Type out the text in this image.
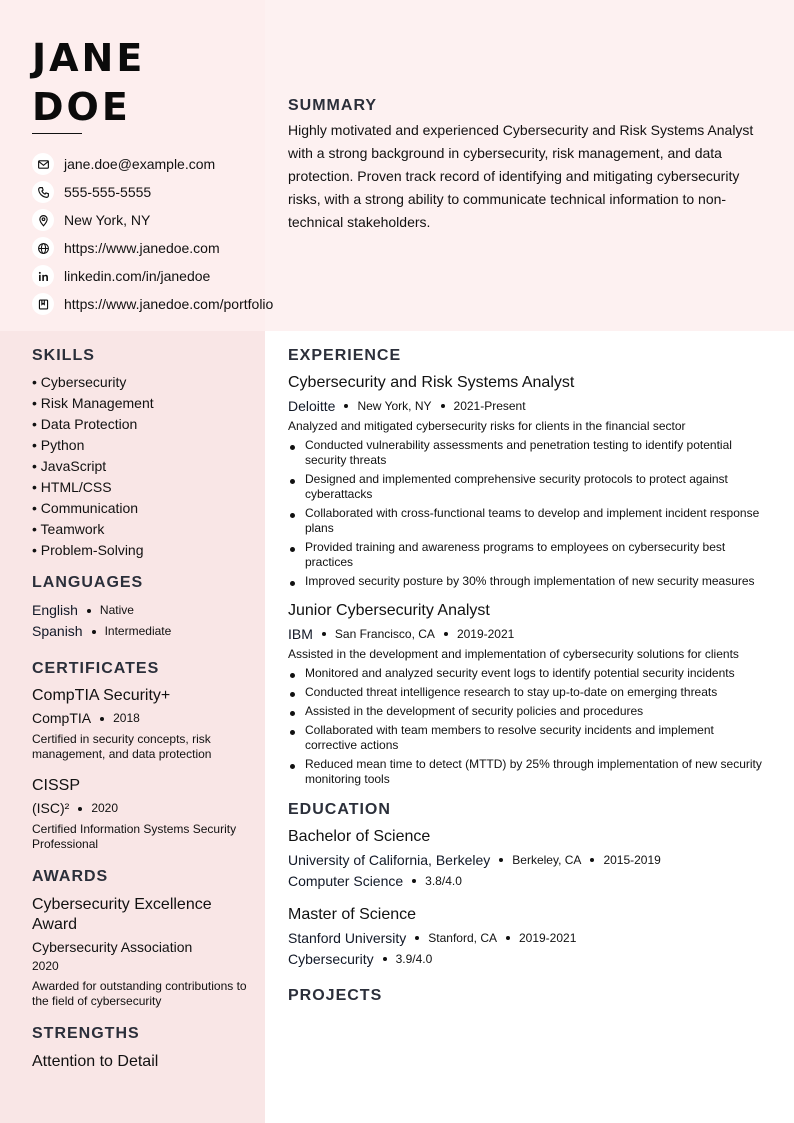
JANE
DOE
jane.doe@example.com
555-555-5555
New York, NY
https://www.janedoe.com
linkedin.com/in/janedoe
https://www.janedoe.com/portfolio
SUMMARY

Highly motivated and experienced Cybersecurity and Risk Systems Analyst with a strong background in cybersecurity, risk management, and data protection. Proven track record of identifying and mitigating cybersecurity risks, with a strong ability to communicate technical information to non-technical stakeholders.

SKILLS
• Cybersecurity
• Risk Management
• Data Protection
• Python
• JavaScript
• HTML/CSS
• Communication
• Teamwork
• Problem-Solving
LANGUAGES
English Native
Spanish Intermediate
CERTIFICATES
CompTIA Security+
CompTIA 2018
Certified in security concepts, risk management, and data protection
CISSP
(ISC)² 2020
Certified Information Systems Security Professional
AWARDS
Cybersecurity Excellence Award
Cybersecurity Association
2020
Awarded for outstanding contributions to the field of cybersecurity
STRENGTHS
Attention to Detail
EXPERIENCE
Cybersecurity and Risk Systems Analyst
Deloitte New York, NY 2021-Present
Analyzed and mitigated cybersecurity risks for clients in the financial sector
Conducted vulnerability assessments and penetration testing to identify potential security threats
Designed and implemented comprehensive security protocols to protect against cyberattacks
Collaborated with cross-functional teams to develop and implement incident response plans
Provided training and awareness programs to employees on cybersecurity best practices
Improved security posture by 30% through implementation of new security measures
Junior Cybersecurity Analyst
IBM San Francisco, CA 2019-2021
Assisted in the development and implementation of cybersecurity solutions for clients
Monitored and analyzed security event logs to identify potential security incidents
Conducted threat intelligence research to stay up-to-date on emerging threats
Assisted in the development of security policies and procedures
Collaborated with team members to resolve security incidents and implement corrective actions
Reduced mean time to detect (MTTD) by 25% through implementation of new security monitoring tools
EDUCATION
Bachelor of Science
University of California, Berkeley Berkeley, CA 2015-2019
Computer Science 3.8/4.0
Master of Science
Stanford University Stanford, CA 2019-2021
Cybersecurity 3.9/4.0
PROJECTS
